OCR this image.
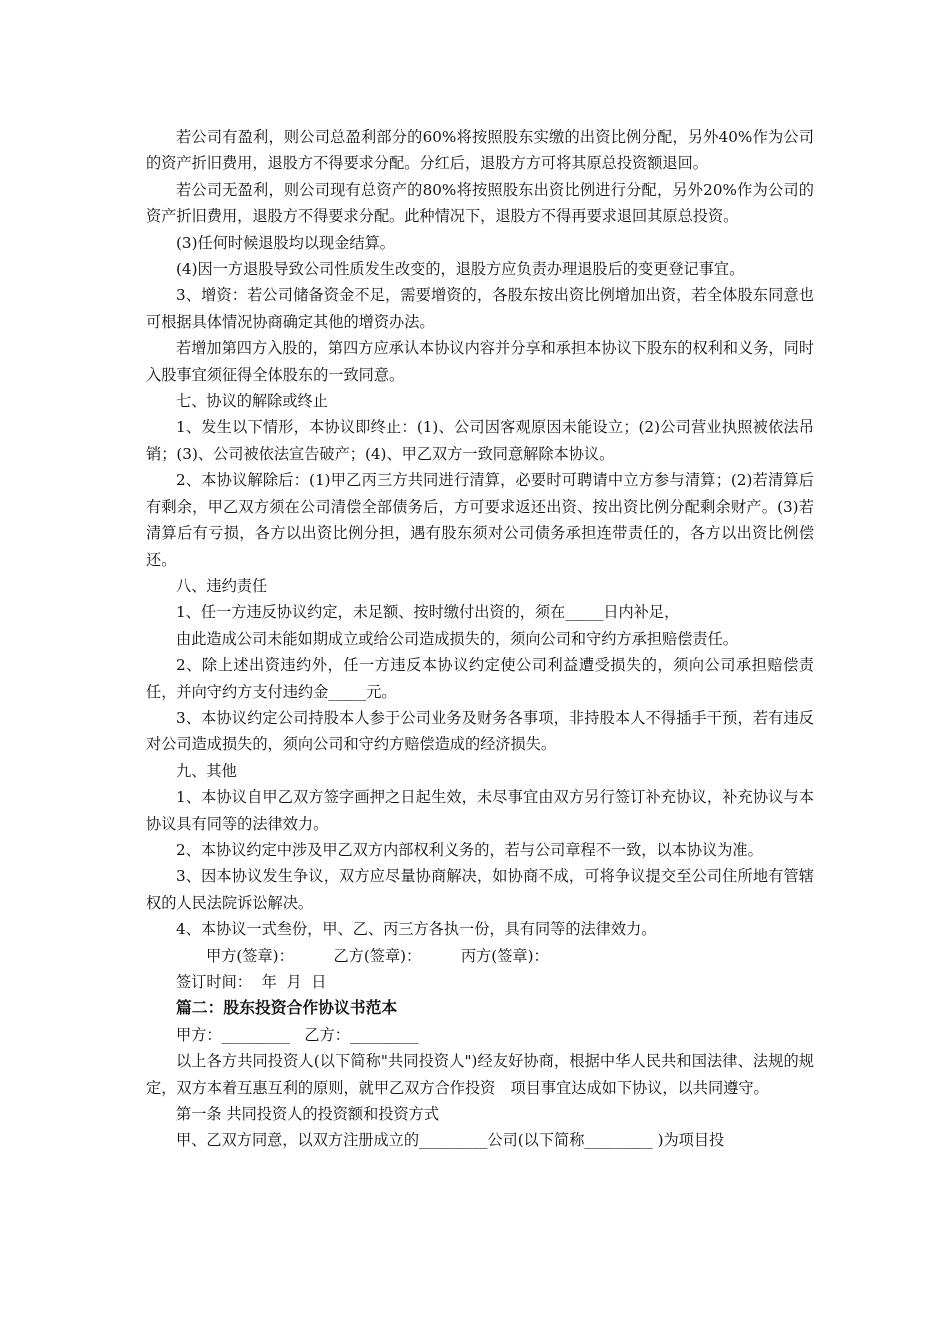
若公司有盈利，则公司总盈利部分的60%将按照股东实缴的出资比例分配，另外40%作为公司的资产折旧费用，退股方不得要求分配。分红后，退股方方可将其原总投资额退回。

若公司无盈利，则公司现有总资产的80%将按照股东出资比例进行分配，另外20%作为公司的资产折旧费用，退股方不得要求分配。此种情况下，退股方不得再要求退回其原总投资。

(3)任何时候退股均以现金结算。

(4)因一方退股导致公司性质发生改变的，退股方应负责办理退股后的变更登记事宜。

3、增资：若公司储备资金不足，需要增资的，各股东按出资比例增加出资，若全体股东同意也可根据具体情况协商确定其他的增资办法。

若增加第四方入股的，第四方应承认本协议内容并分享和承担本协议下股东的权利和义务，同时入股事宜须征得全体股东的一致同意。

七、协议的解除或终止

1、发生以下情形，本协议即终止：(1)、公司因客观原因未能设立；(2)公司营业执照被依法吊销；(3)、公司被依法宣告破产；(4)、甲乙双方一致同意解除本协议。

2、本协议解除后：(1)甲乙丙三方共同进行清算，必要时可聘请中立方参与清算；(2)若清算后有剩余，甲乙双方须在公司清偿全部债务后，方可要求返还出资、按出资比例分配剩余财产。(3)若清算后有亏损，各方以出资比例分担，遇有股东须对公司债务承担连带责任的，各方以出资比例偿还。

八、违约责任

1、任一方违反协议约定，未足额、按时缴付出资的，须在_____日内补足，

由此造成公司未能如期成立或给公司造成损失的，须向公司和守约方承担赔偿责任。

2、除上述出资违约外，任一方违反本协议约定使公司利益遭受损失的，须向公司承担赔偿责任，并向守约方支付违约金_____元。

3、本协议约定公司持股本人参于公司业务及财务各事项，非持股本人不得插手干预，若有违反对公司造成损失的，须向公司和守约方赔偿造成的经济损失。

九、其他

1、本协议自甲乙双方签字画押之日起生效，未尽事宜由双方另行签订补充协议，补充协议与本协议具有同等的法律效力。

2、本协议约定中涉及甲乙双方内部权利义务的，若与公司章程不一致，以本协议为准。

3、因本协议发生争议，双方应尽量协商解决，如协商不成，可将争议提交至公司住所地有管辖权的人民法院诉讼解决。

4、本协议一式叁份，甲、乙、丙三方各执一份，具有同等的法律效力。

甲方(签章)：	乙方(签章)：	丙方(签章)：

签订时间： 年 月 日

篇二：股东投资合作协议书范本

甲方：_________ 乙方：_________

以上各方共同投资人(以下简称"共同投资人")经友好协商，根据中华人民共和国法律、法规的规定，双方本着互惠互利的原则，就甲乙双方合作投资　项目事宜达成如下协议，以共同遵守。

第一条 共同投资人的投资额和投资方式

甲、乙双方同意，以双方注册成立的_________公司(以下简称_________ )为项目投
